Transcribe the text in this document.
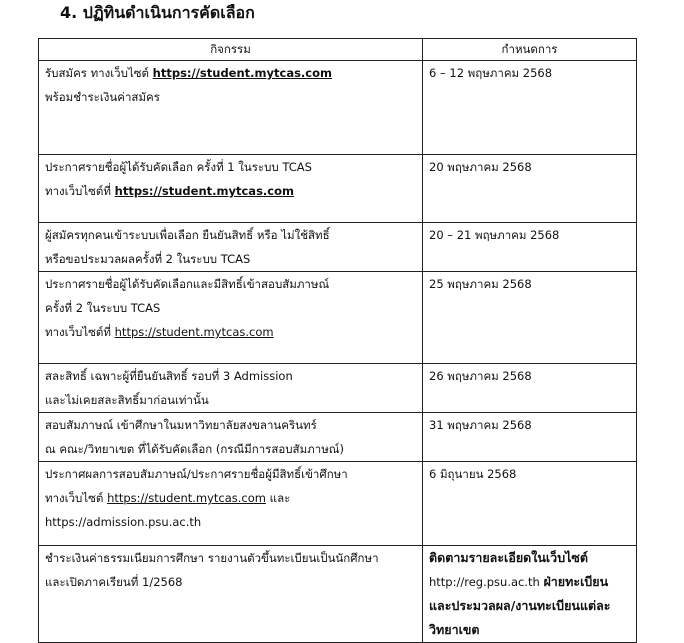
4. ปฏิทินดำเนินการคัดเลือก
กิจกรรม	กำหนดการ

รับสมัคร ทางเว็บไซต์ https://student.mytcas.com
พร้อมชำระเงินค่าสมัคร	6 – 12 พฤษภาคม 2568

ประกาศรายชื่อผู้ได้รับคัดเลือก ครั้งที่ 1 ในระบบ TCAS
ทางเว็บไซต์ที่ https://student.mytcas.com	20 พฤษภาคม 2568

ผู้สมัครทุกคนเข้าระบบเพื่อเลือก ยืนยันสิทธิ์ หรือ ไม่ใช้สิทธิ์
หรือขอประมวลผลครั้งที่ 2 ในระบบ TCAS	20 – 21 พฤษภาคม 2568

ประกาศรายชื่อผู้ได้รับคัดเลือกและมีสิทธิ์เข้าสอบสัมภาษณ์
ครั้งที่ 2 ในระบบ TCAS
ทางเว็บไซต์ที่ https://student.mytcas.com	25 พฤษภาคม 2568

สละสิทธิ์ เฉพาะผู้ที่ยืนยันสิทธิ์ รอบที่ 3 Admission
และไม่เคยสละสิทธิ์มาก่อนเท่านั้น	26 พฤษภาคม 2568

สอบสัมภาษณ์ เข้าศึกษาในมหาวิทยาลัยสงขลานครินทร์
ณ คณะ/วิทยาเขต ที่ได้รับคัดเลือก (กรณีมีการสอบสัมภาษณ์)	31 พฤษภาคม 2568

ประกาศผลการสอบสัมภาษณ์/ประกาศรายชื่อผู้มีสิทธิ์เข้าศึกษา
ทางเว็บไซต์ https://student.mytcas.com และ
https://admission.psu.ac.th	6 มิถุนายน 2568

ชำระเงินค่าธรรมเนียมการศึกษา รายงานตัวขึ้นทะเบียนเป็นนักศึกษา
และเปิดภาคเรียนที่ 1/2568	ติดตามรายละเอียดในเว็บไซต์
http://reg.psu.ac.th ฝ่ายทะเบียน
และประมวลผล/งานทะเบียนแต่ละ
วิทยาเขต
